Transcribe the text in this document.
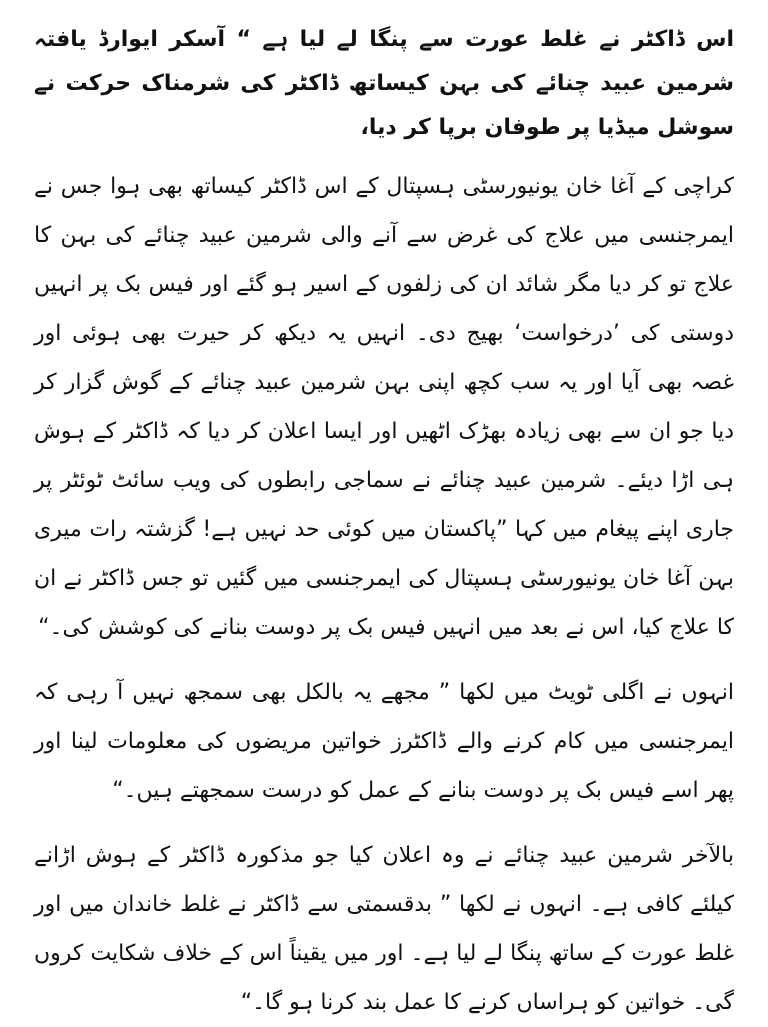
اس ڈاکٹر نے غلط عورت سے پنگا لے لیا ہے “ آسکر ایوارڈ یافتہ شرمین عبید چنائے کی بہن کیساتھ ڈاکٹر کی شرمناک حرکت نے سوشل میڈیا پر طوفان برپا کر دیا،

کراچی کے آغا خان یونیورسٹی ہسپتال کے اس ڈاکٹر کیساتھ بھی ہوا جس نے ایمرجنسی میں علاج کی غرض سے آنے والی شرمین عبید چنائے کی بہن کا علاج تو کر دیا مگر شائد ان کی زلفوں کے اسیر ہو گئے اور فیس بک پر انہیں دوستی کی ’درخواست‘ بھیج دی۔ انہیں یہ دیکھ کر حیرت بھی ہوئی اور غصہ بھی آیا اور یہ سب کچھ اپنی بہن شرمین عبید چنائے کے گوش گزار کر دیا جو ان سے بھی زیادہ بھڑک اٹھیں اور ایسا اعلان کر دیا کہ ڈاکٹر کے ہوش ہی اڑا دیئے۔ شرمین عبید چنائے نے سماجی رابطوں کی ویب سائٹ ٹوئٹر پر جاری اپنے پیغام میں کہا ”پاکستان میں کوئی حد نہیں ہے! گزشتہ رات میری بہن آغا خان یونیورسٹی ہسپتال کی ایمرجنسی میں گئیں تو جس ڈاکٹر نے ان کا علاج کیا، اس نے بعد میں انہیں فیس بک پر دوست بنانے کی کوشش کی۔“

انہوں نے اگلی ٹویٹ میں لکھا ” مجھے یہ بالکل بھی سمجھ نہیں آ رہی کہ ایمرجنسی میں کام کرنے والے ڈاکٹرز خواتین مریضوں کی معلومات لینا اور پھر اسے فیس بک پر دوست بنانے کے عمل کو درست سمجھتے ہیں۔“

بالآخر شرمین عبید چنائے نے وہ اعلان کیا جو مذکورہ ڈاکٹر کے ہوش اڑانے کیلئے کافی ہے۔ انہوں نے لکھا ” بدقسمتی سے ڈاکٹر نے غلط خاندان میں اور غلط عورت کے ساتھ پنگا لے لیا ہے۔ اور میں یقیناً اس کے خلاف شکایت کروں گی۔ خواتین کو ہراساں کرنے کا عمل بند کرنا ہو گا۔“
